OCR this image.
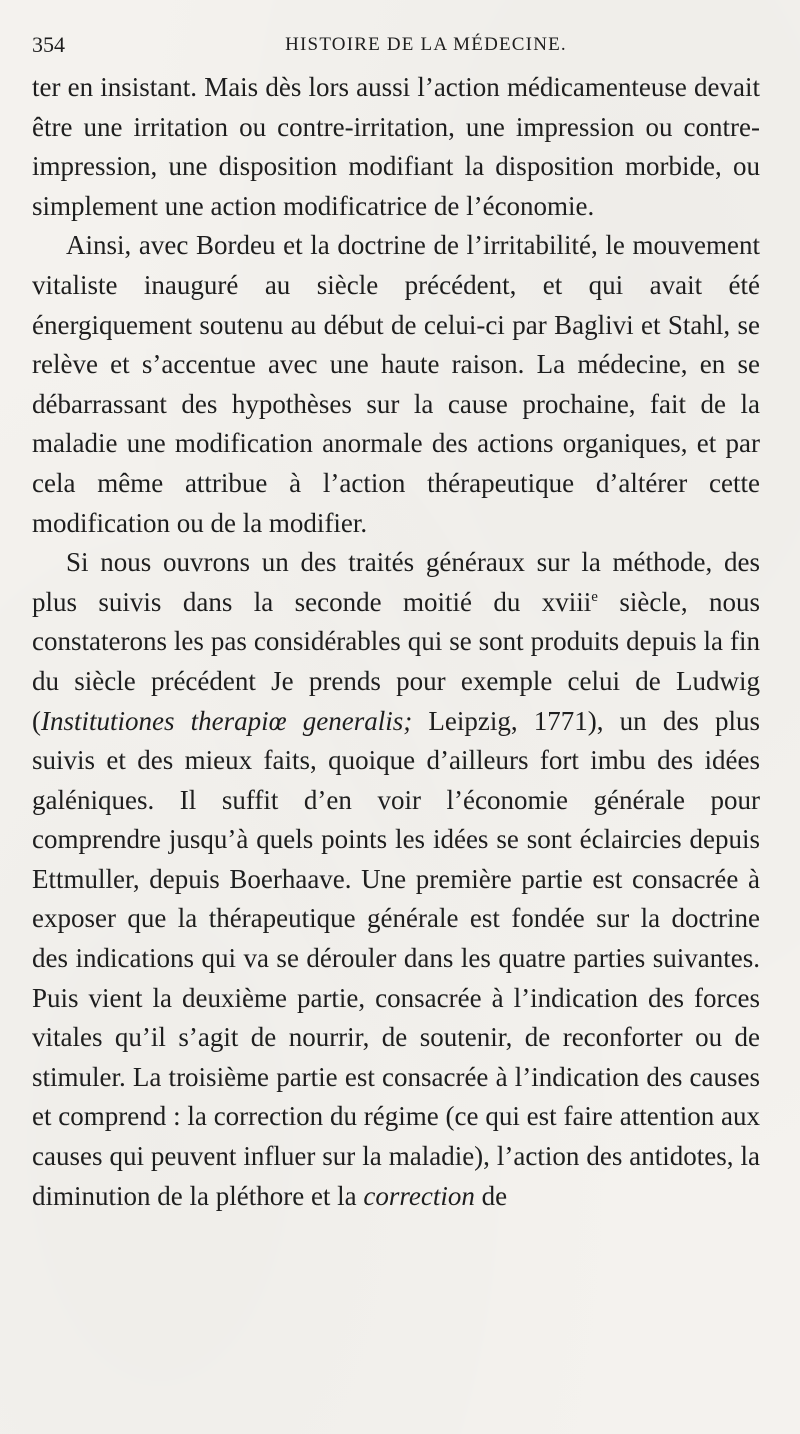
354	HISTOIRE DE LA MÉDECINE.

ter en insistant. Mais dès lors aussi l’action médicamenteuse devait être une irritation ou contre-irritation, une impression ou contre-impression, une disposition modifiant la disposition morbide, ou simplement une action modificatrice de l’économie.

Ainsi, avec Bordeu et la doctrine de l’irritabilité, le mouvement vitaliste inauguré au siècle précédent, et qui avait été énergiquement soutenu au début de celui-ci par Baglivi et Stahl, se relève et s’accentue avec une haute raison. La médecine, en se débarrassant des hypothèses sur la cause prochaine, fait de la maladie une modification anormale des actions organiques, et par cela même attribue à l’action thérapeutique d’altérer cette modification ou de la modifier.

Si nous ouvrons un des traités généraux sur la méthode, des plus suivis dans la seconde moitié du xviii$^e$ siècle, nous constaterons les pas considérables qui se sont produits depuis la fin du siècle précédent Je prends pour exemple celui de Ludwig (Institutiones therapiœ generalis; Leipzig, 1771), un des plus suivis et des mieux faits, quoique d’ailleurs fort imbu des idées galéniques. Il suffit d’en voir l’économie générale pour comprendre jusqu’à quels points les idées se sont éclaircies depuis Ettmuller, depuis Boerhaave. Une première partie est consacrée à exposer que la thérapeutique générale est fondée sur la doctrine des indications qui va se dérouler dans les quatre parties suivantes. Puis vient la deuxième partie, consacrée à l’indication des forces vitales qu’il s’agit de nourrir, de soutenir, de reconforter ou de stimuler. La troisième partie est consacrée à l’indication des causes et comprend : la correction du régime (ce qui est faire attention aux causes qui peuvent influer sur la maladie), l’action des antidotes, la diminution de la pléthore et la correction de
